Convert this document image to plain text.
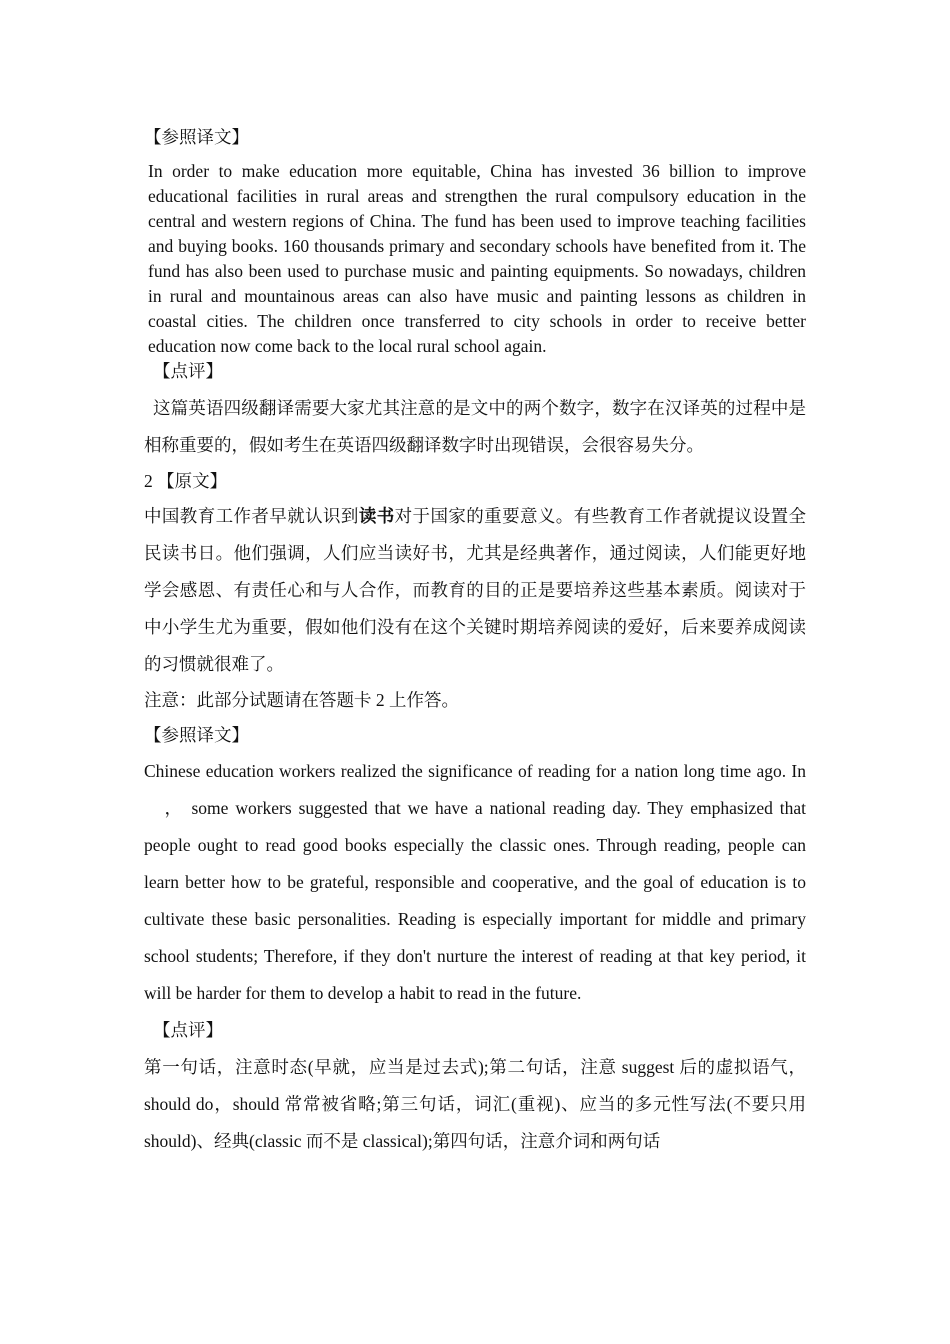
【参照译文】

In order to make education more equitable, China has invested 36 billion to improve educational facilities in rural areas and strengthen the rural compulsory education in the central and western regions of China. The fund has been used to improve teaching facilities and buying books. 160 thousands primary and secondary schools have benefited from it. The fund has also been used to purchase music and painting equipments. So nowadays, children in rural and mountainous areas can also have music and painting lessons as children in coastal cities. The children once transferred to city schools in order to receive better education now come back to the local rural school again.

【点评】

这篇英语四级翻译需要大家尤其注意的是文中的两个数字，数字在汉译英的过程中是相称重要的，假如考生在英语四级翻译数字时出现错误，会很容易失分。

2 【原文】

中国教育工作者早就认识到读书对于国家的重要意义。有些教育工作者就提议设置全民读书日。他们强调，人们应当读好书，尤其是经典著作，通过阅读，人们能更好地学会感恩、有责任心和与人合作，而教育的目的正是要培养这些基本素质。阅读对于中小学生尤为重要，假如他们没有在这个关键时期培养阅读的爱好，后来要养成阅读的习惯就很难了。

注意：此部分试题请在答题卡 2 上作答。
【参照译文】

Chinese education workers realized the significance of reading for a nation long time ago. In， some workers suggested that we have a national reading day. They emphasized that people ought to read good books especially the classic ones. Through reading, people can learn better how to be grateful, responsible and cooperative, and the goal of education is to cultivate these basic personalities. Reading is especially important for middle and primary school students; Therefore, if they don't nurture the interest of reading at that key period, it will be harder for them to develop a habit to read in the future.

【点评】

第一句话，注意时态(早就，应当是过去式);第二句话，注意 suggest 后的虚拟语气，should do，should 常常被省略;第三句话，词汇(重视)、应当的多元性写法(不要只用 should)、经典(classic 而不是 classical);第四句话，注意介词和两句话
